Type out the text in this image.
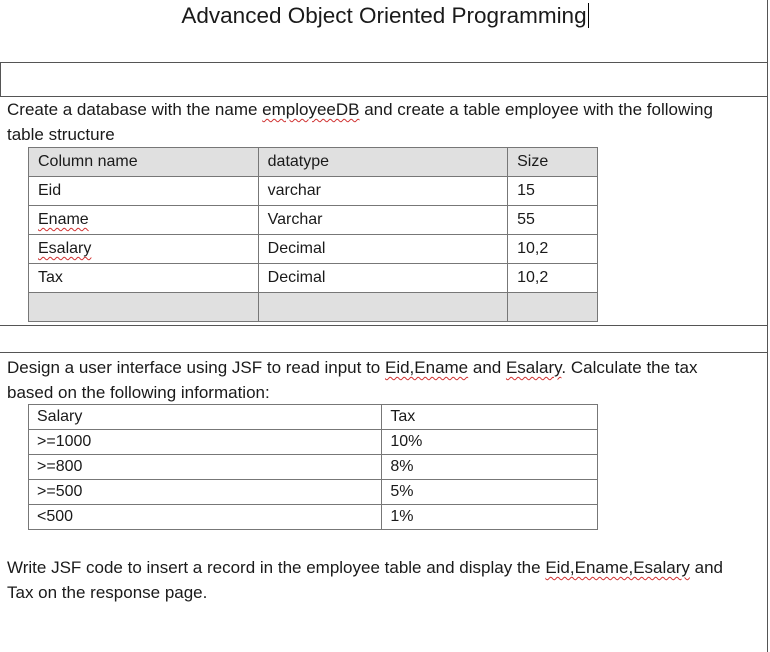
Advanced Object Oriented Programming
Create a database with the name employeeDB and create a table employee with the following table structure
Column name	datatype	Size
Eid	varchar	15
Ename	Varchar	55
Esalary	Decimal	10,2
Tax	Decimal	10,2

Design a user interface using JSF to read input to Eid,Ename and Esalary. Calculate the tax based on the following information:
Salary	Tax
>=1000	10%
>=800	8%
>=500	5%
<500	1%
Write JSF code to insert a record in the employee table and display the Eid,Ename,Esalary and Tax on the response page.
